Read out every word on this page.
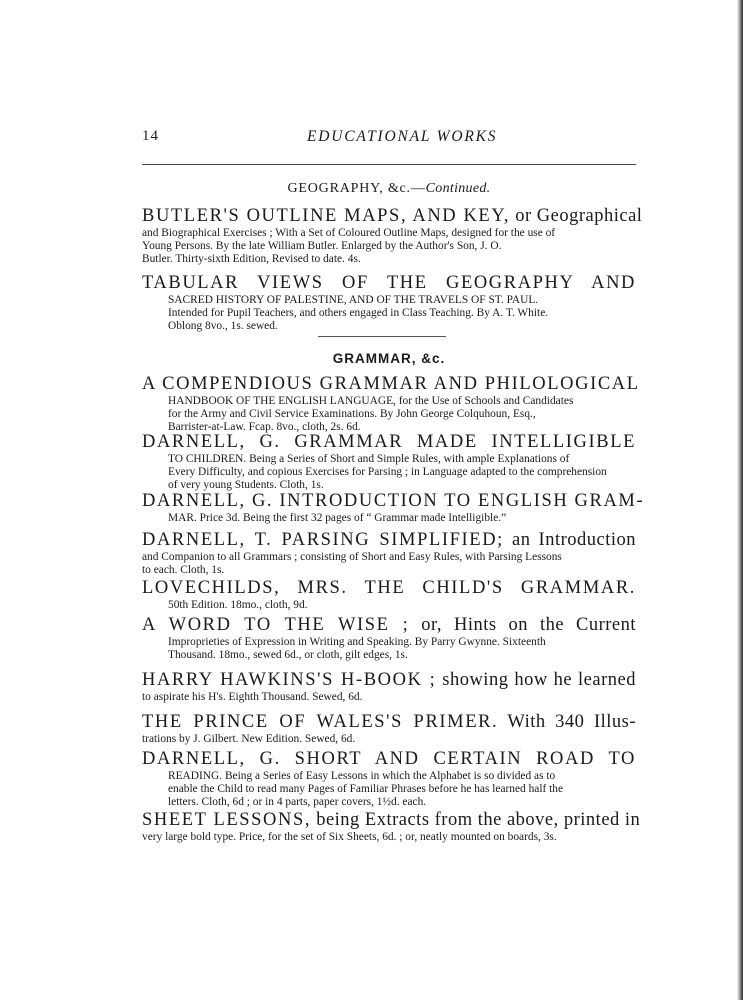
14	EDUCATIONAL WORKS
GEOGRAPHY, &c.—Continued.
BUTLER'S OUTLINE MAPS, AND KEY, or Geographical

and Biographical Exercises ; With a Set of Coloured Outline Maps, designed for the use of

Young Persons. By the late William Butler. Enlarged by the Author's Son, J. O.

Butler. Thirty-sixth Edition, Revised to date. 4s.

TABULAR VIEWS OF THE GEOGRAPHY AND

SACRED HISTORY OF PALESTINE, AND OF THE TRAVELS OF ST. PAUL.

Intended for Pupil Teachers, and others engaged in Class Teaching. By A. T. White.

Oblong 8vo., 1s. sewed.

GRAMMAR, &c.
A COMPENDIOUS GRAMMAR AND PHILOLOGICAL

HANDBOOK OF THE ENGLISH LANGUAGE, for the Use of Schools and Candidates

for the Army and Civil Service Examinations. By John George Colquhoun, Esq.,

Barrister-at-Law. Fcap. 8vo., cloth, 2s. 6d.

DARNELL, G. GRAMMAR MADE INTELLIGIBLE

TO CHILDREN. Being a Series of Short and Simple Rules, with ample Explanations of

Every Difficulty, and copious Exercises for Parsing ; in Language adapted to the comprehension

of very young Students. Cloth, 1s.

DARNELL, G. INTRODUCTION TO ENGLISH GRAM-

MAR. Price 3d. Being the first 32 pages of “ Grammar made Intelligible.”

DARNELL, T. PARSING SIMPLIFIED; an Introduction

and Companion to all Grammars ; consisting of Short and Easy Rules, with Parsing Lessons

to each. Cloth, 1s.

LOVECHILDS, MRS. THE CHILD'S GRAMMAR.

50th Edition. 18mo., cloth, 9d.

A WORD TO THE WISE ; or, Hints on the Current

Improprieties of Expression in Writing and Speaking. By Parry Gwynne. Sixteenth

Thousand. 18mo., sewed 6d., or cloth, gilt edges, 1s.

HARRY HAWKINS'S H-BOOK ; showing how he learned

to aspirate his H's. Eighth Thousand. Sewed, 6d.

THE PRINCE OF WALES'S PRIMER. With 340 Illus-

trations by J. Gilbert. New Edition. Sewed, 6d.

DARNELL, G. SHORT AND CERTAIN ROAD TO

READING. Being a Series of Easy Lessons in which the Alphabet is so divided as to

enable the Child to read many Pages of Familiar Phrases before he has learned half the

letters. Cloth, 6d ; or in 4 parts, paper covers, 1½d. each.

SHEET LESSONS, being Extracts from the above, printed in

very large bold type. Price, for the set of Six Sheets, 6d. ; or, neatly mounted on boards, 3s.
